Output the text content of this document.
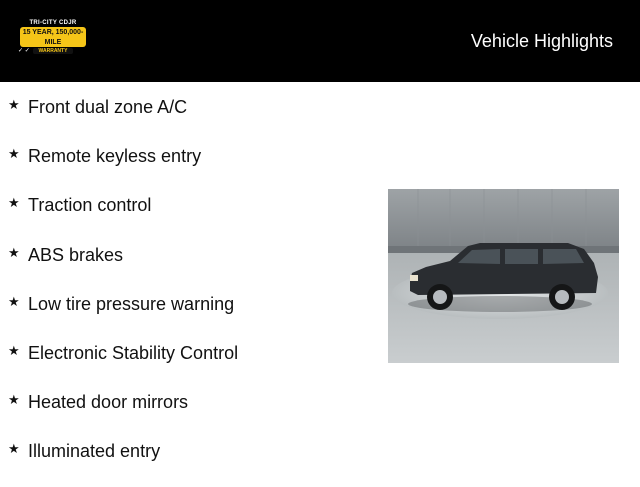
TRI-CITY CDJR
15 YEAR, 150,000-MILE
WARRANTY
✓ ✓	Vehicle Highlights
★ Front dual zone A/C
★ Remote keyless entry
★ Traction control
★ ABS brakes
★ Low tire pressure warning
★ Electronic Stability Control
★ Heated door mirrors
★ Illuminated entry
